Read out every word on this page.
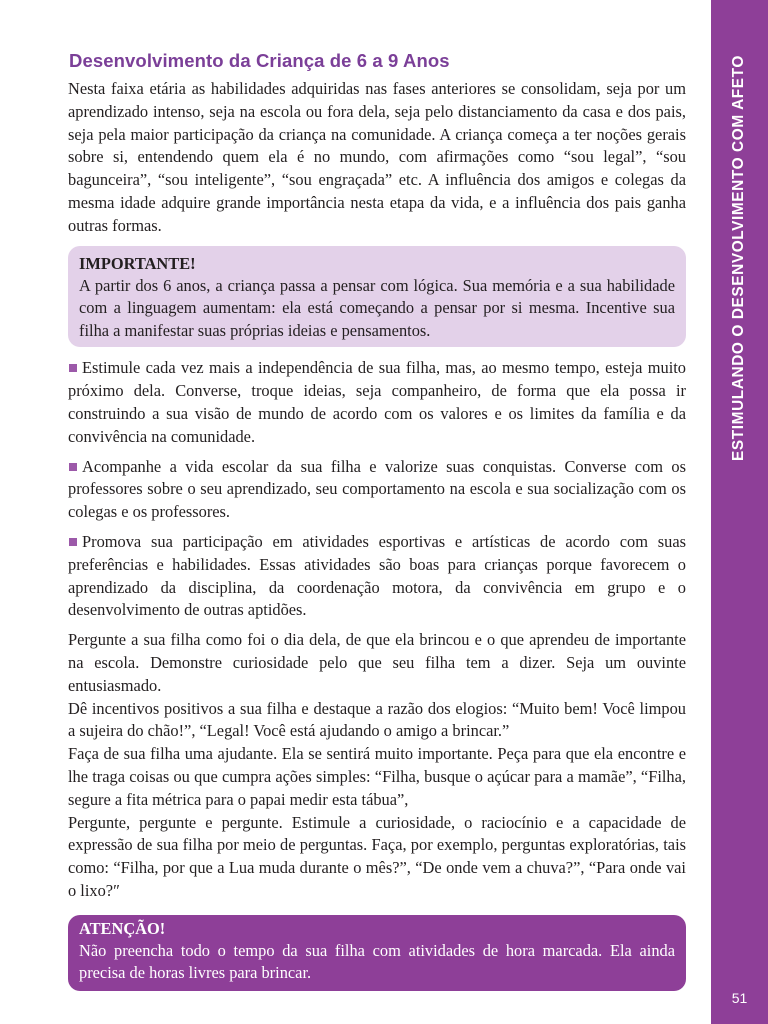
Desenvolvimento da Criança de 6 a 9 Anos

Nesta faixa etária as habilidades adquiridas nas fases anteriores se consolidam, seja por um aprendizado intenso, seja na escola ou fora dela, seja pelo distanciamento da casa e dos pais, seja pela maior participação da criança na comunidade. A criança começa a ter noções gerais sobre si, entendendo quem ela é no mundo, com afirmações como “sou legal”, “sou bagunceira”, “sou inteligente”, “sou engraçada” etc. A influência dos amigos e colegas da mesma idade adquire grande importância nesta etapa da vida, e a influência dos pais ganha outras formas.

IMPORTANTE!

A partir dos 6 anos, a criança passa a pensar com lógica. Sua memória e a sua habilidade com a linguagem aumentam: ela está começando a pensar por si mesma. Incentive sua filha a manifestar suas próprias ideias e pensamentos.

Estimule cada vez mais a independência de sua filha, mas, ao mesmo tempo, esteja muito próximo dela. Converse, troque ideias, seja companheiro, de forma que ela possa ir construindo a sua visão de mundo de acordo com os valores e os limites da família e da convivência na comunidade.

Acompanhe a vida escolar da sua filha e valorize suas conquistas. Converse com os professores sobre o seu aprendizado, seu comportamento na escola e sua socialização com os colegas e os professores.

Promova sua participação em atividades esportivas e artísticas de acordo com suas preferências e habilidades. Essas atividades são boas para crianças porque favorecem o aprendizado da disciplina, da coordenação motora, da convivência em grupo e o desenvolvimento de outras aptidões.

Pergunte a sua filha como foi o dia dela, de que ela brincou e o que aprendeu de importante na escola. Demonstre curiosidade pelo que seu filha tem a dizer. Seja um ouvinte entusiasmado.

Dê incentivos positivos a sua filha e destaque a razão dos elogios: “Muito bem! Você limpou a sujeira do chão!”, “Legal! Você está ajudando o amigo a brincar.”

Faça de sua filha uma ajudante. Ela se sentirá muito importante. Peça para que ela encontre e lhe traga coisas ou que cumpra ações simples: “Filha, busque o açúcar para a mamãe”, “Filha, segure a fita métrica para o papai medir esta tábua”,

Pergunte, pergunte e pergunte. Estimule a curiosidade, o raciocínio e a capacidade de expressão de sua filha por meio de perguntas. Faça, por exemplo, perguntas exploratórias, tais como: “Filha, por que a Lua muda durante o mês?”, “De onde vem a chuva?”, “Para onde vai o lixo?″

ATENÇÃO!

Não preencha todo o tempo da sua filha com atividades de hora marcada. Ela ainda precisa de horas livres para brincar.

ESTIMULANDO O DESENVOLVIMENTO COM AFETO
51
